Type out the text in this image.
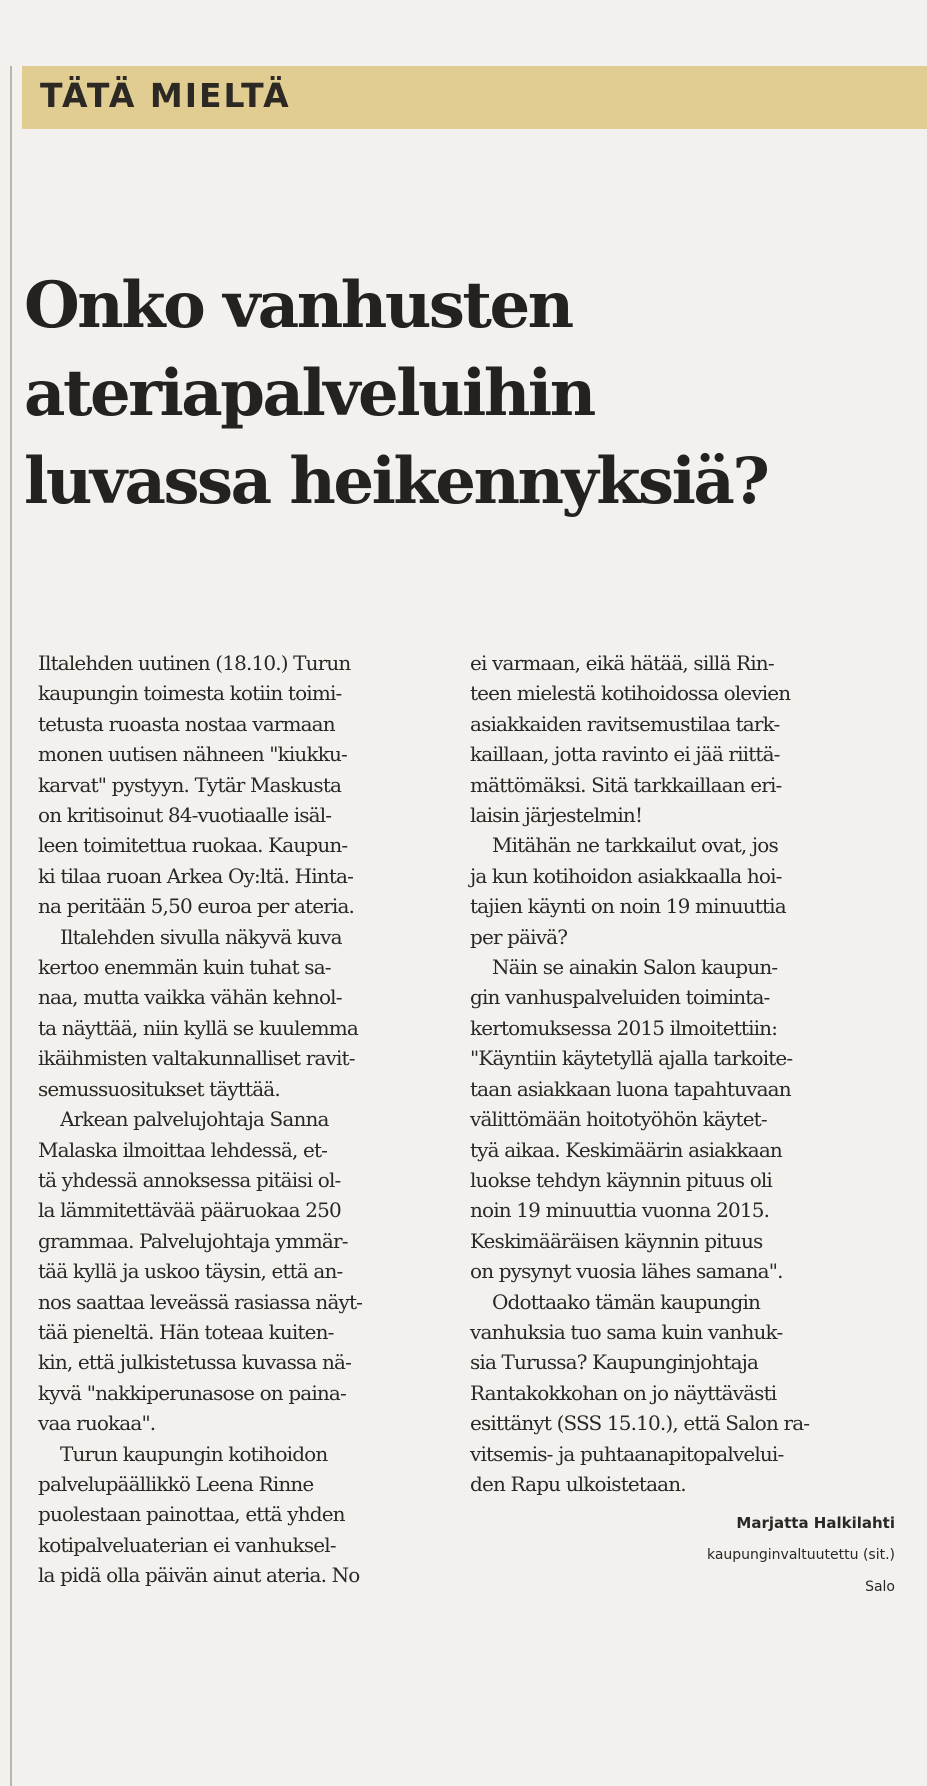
TÄTÄ MIELTÄ
Onko vanhusten
ateriapalveluihin
luvassa heikennyksiä?
Iltalehden uutinen (18.10.) Turun
kaupungin toimesta kotiin toimi-
tetusta ruoasta nostaa varmaan
monen uutisen nähneen "kiukku-
karvat" pystyyn. Tytär Maskusta
on kritisoinut 84-vuotiaalle isäl-
leen toimitettua ruokaa. Kaupun-
ki tilaa ruoan Arkea Oy:ltä. Hinta-
na peritään 5,50 euroa per ateria.
Iltalehden sivulla näkyvä kuva
kertoo enemmän kuin tuhat sa-
naa, mutta vaikka vähän kehnol-
ta näyttää, niin kyllä se kuulemma
ikäihmisten valtakunnalliset ravit-
semussuositukset täyttää.
Arkean palvelujohtaja Sanna
Malaska ilmoittaa lehdessä, et-
tä yhdessä annoksessa pitäisi ol-
la lämmitettävää pääruokaa 250
grammaa. Palvelujohtaja ymmär-
tää kyllä ja uskoo täysin, että an-
nos saattaa leveässä rasiassa näyt-
tää pieneltä. Hän toteaa kuiten-
kin, että julkistetussa kuvassa nä-
kyvä "nakkiperunasose on paina-
vaa ruokaa".
Turun kaupungin kotihoidon
palvelupäällikkö Leena Rinne
puolestaan painottaa, että yhden
kotipalveluaterian ei vanhuksel-
la pidä olla päivän ainut ateria. No
ei varmaan, eikä hätää, sillä Rin-
teen mielestä kotihoidossa olevien
asiakkaiden ravitsemustilaa tark-
kaillaan, jotta ravinto ei jää riittä-
mättömäksi. Sitä tarkkaillaan eri-
laisin järjestelmin!
Mitähän ne tarkkailut ovat, jos
ja kun kotihoidon asiakkaalla hoi-
tajien käynti on noin 19 minuuttia
per päivä?
Näin se ainakin Salon kaupun-
gin vanhuspalveluiden toiminta-
kertomuksessa 2015 ilmoitettiin:
"Käyntiin käytetyllä ajalla tarkoite-
taan asiakkaan luona tapahtuvaan
välittömään hoitotyöhön käytet-
tyä aikaa. Keskimäärin asiakkaan
luokse tehdyn käynnin pituus oli
noin 19 minuuttia vuonna 2015.
Keskimääräisen käynnin pituus
on pysynyt vuosia lähes samana".
Odottaako tämän kaupungin
vanhuksia tuo sama kuin vanhuk-
sia Turussa? Kaupunginjohtaja
Rantakokkohan on jo näyttävästi
esittänyt (SSS 15.10.), että Salon ra-
vitsemis- ja puhtaanapitopalvelui-
den Rapu ulkoistetaan.
Marjatta Halkilahti
kaupunginvaltuutettu (sit.)
Salo
